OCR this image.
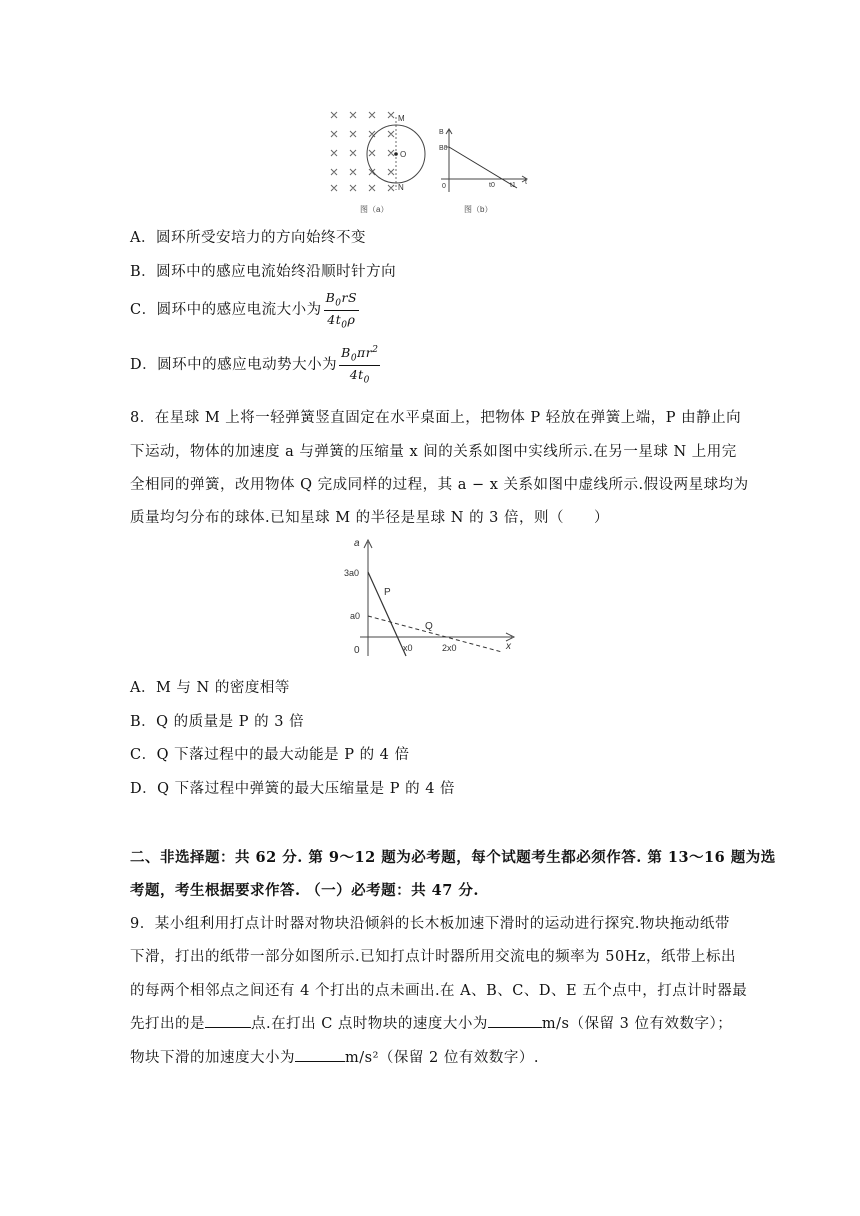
M
O
N
图（a）
B
B0
0	t0 t1 t
图（b）
A．圆环所受安培力的方向始终不变
B．圆环中的感应电流始终沿顺时针方向
C．圆环中的感应电流大小为 $\frac{B_0rS}{4t_0\rho}$
D．圆环中的感应电动势大小为 $\frac{B_0\pi r^2}{4t_0}$
8．在星球 M 上将一轻弹簧竖直固定在水平桌面上，把物体 P 轻放在弹簧上端，P 由静止向
下运动，物体的加速度 a 与弹簧的压缩量 x 间的关系如图中实线所示.在另一星球 N 上用完
全相同的弹簧，改用物体 Q 完成同样的过程，其 a − x 关系如图中虚线所示.假设两星球均为
质量均匀分布的球体.已知星球 M 的半径是星球 N 的 3 倍，则（　　）
a
3a0
a0
0	x0	2x0	x
P
Q
A．M 与 N 的密度相等
B．Q 的质量是 P 的 3 倍
C．Q 下落过程中的最大动能是 P 的 4 倍
D．Q 下落过程中弹簧的最大压缩量是 P 的 4 倍
二、非选择题：共 62 分. 第 9～12 题为必考题，每个试题考生都必须作答. 第 13～16 题为选
考题，考生根据要求作答. （一）必考题：共 47 分.
9．某小组利用打点计时器对物块沿倾斜的长木板加速下滑时的运动进行探究.物块拖动纸带
下滑，打出的纸带一部分如图所示.已知打点计时器所用交流电的频率为 50Hz，纸带上标出
的每两个相邻点之间还有 4 个打出的点未画出.在 A、B、C、D、E 五个点中，打点计时器最
先打出的是	点.在打出 C 点时物块的速度大小为	m/s（保留 3 位有效数字）；
物块下滑的加速度大小为	m/s²（保留 2 位有效数字）.
